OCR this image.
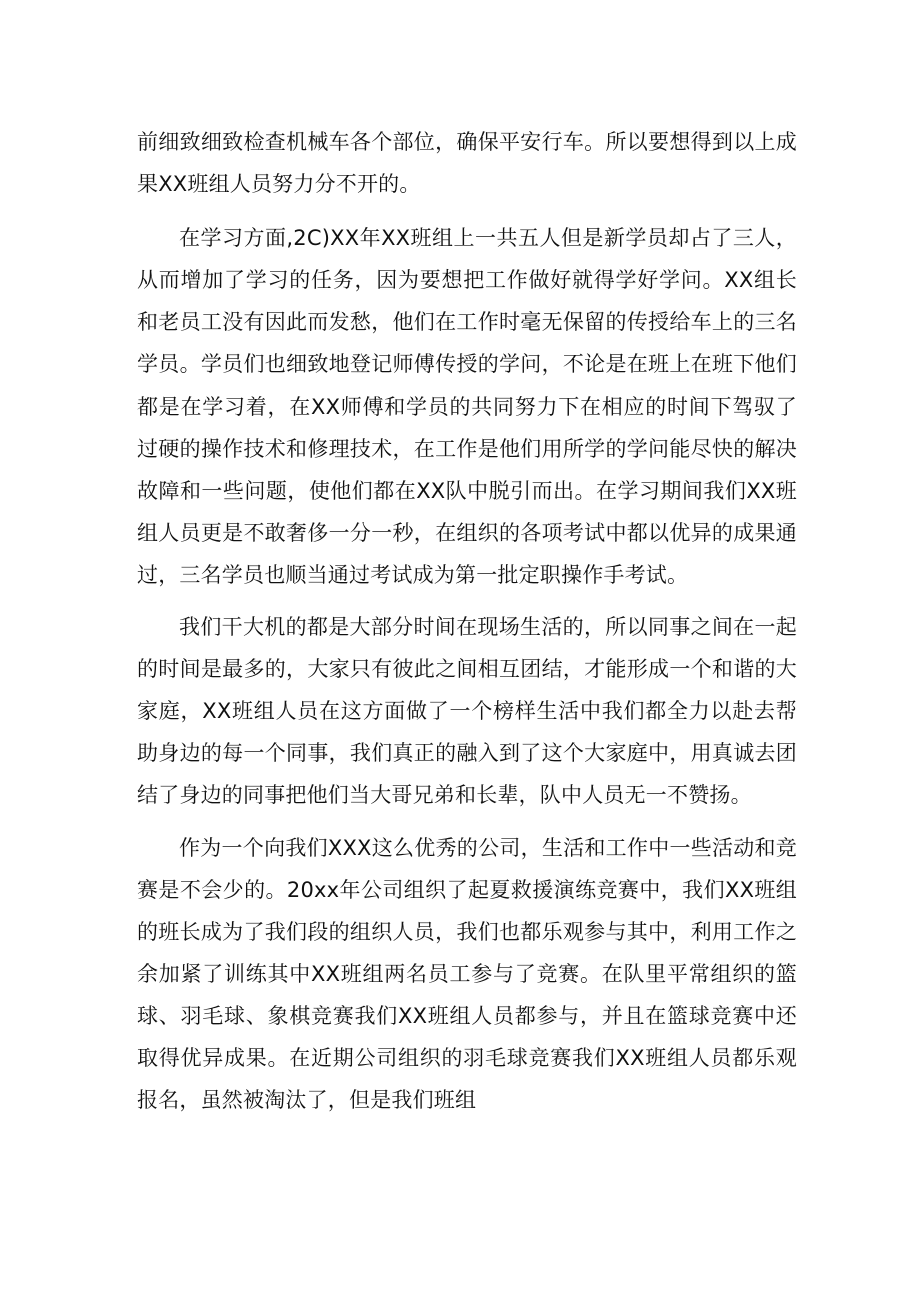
前细致细致检查机械车各个部位，确保平安行车。所以要想得到以上成果XX班组人员努力分不开的。

在学习方面,2C)XX年XX班组上一共五人但是新学员却占了三人，从而增加了学习的任务，因为要想把工作做好就得学好学问。XX组长和老员工没有因此而发愁，他们在工作时毫无保留的传授给车上的三名学员。学员们也细致地登记师傅传授的学问，不论是在班上在班下他们都是在学习着，在XX师傅和学员的共同努力下在相应的时间下驾驭了过硬的操作技术和修理技术，在工作是他们用所学的学问能尽快的解决故障和一些问题，使他们都在XX队中脱引而出。在学习期间我们XX班组人员更是不敢奢侈一分一秒，在组织的各项考试中都以优异的成果通过，三名学员也顺当通过考试成为第一批定职操作手考试。

我们干大机的都是大部分时间在现场生活的，所以同事之间在一起的时间是最多的，大家只有彼此之间相互团结，才能形成一个和谐的大家庭，XX班组人员在这方面做了一个榜样生活中我们都全力以赴去帮助身边的每一个同事，我们真正的融入到了这个大家庭中，用真诚去团结了身边的同事把他们当大哥兄弟和长辈，队中人员无一不赞扬。

作为一个向我们XXX这么优秀的公司，生活和工作中一些活动和竞赛是不会少的。20xx年公司组织了起夏救援演练竞赛中，我们XX班组的班长成为了我们段的组织人员，我们也都乐观参与其中，利用工作之余加紧了训练其中XX班组两名员工参与了竞赛。在队里平常组织的篮球、羽毛球、象棋竞赛我们XX班组人员都参与，并且在篮球竞赛中还取得优异成果。在近期公司组织的羽毛球竞赛我们XX班组人员都乐观报名，虽然被淘汰了，但是我们班组
